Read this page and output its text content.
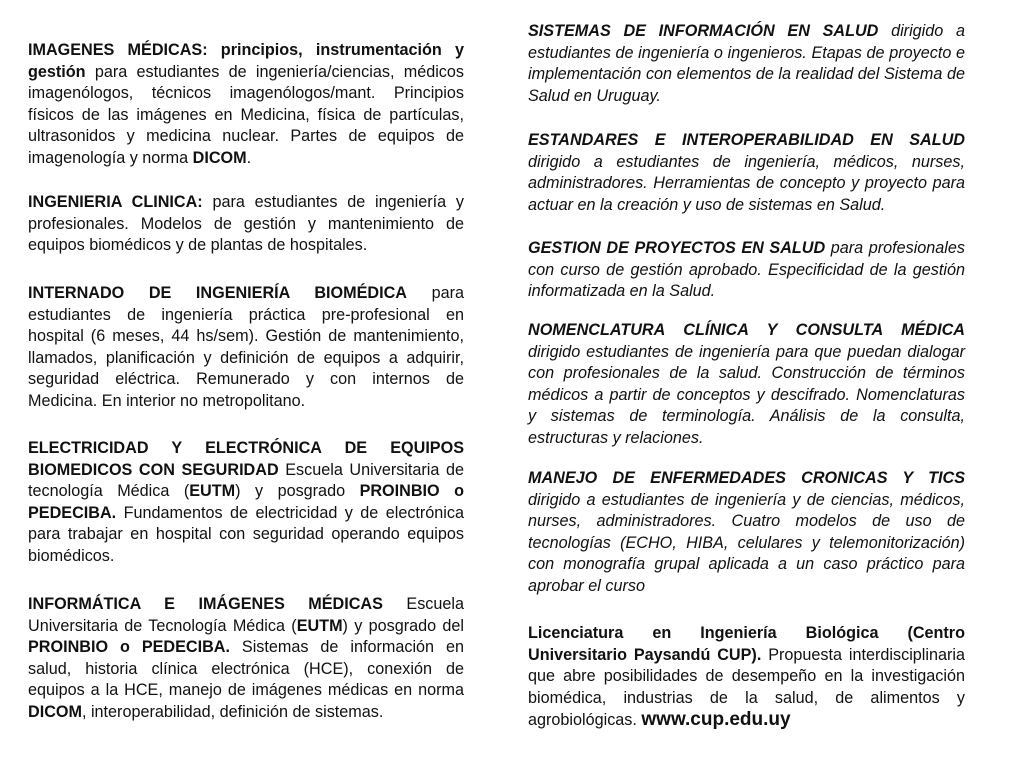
IMAGENES MÉDICAS: principios, instrumentación y gestión para estudiantes de ingeniería/ciencias, médicos imagenólogos, técnicos imagenólogos/mant. Principios físicos de las imágenes en Medicina, física de partículas, ultrasonidos y medicina nuclear. Partes de equipos de imagenología y norma DICOM.
INGENIERIA CLINICA: para estudiantes de ingeniería y profesionales. Modelos de gestión y mantenimiento de equipos biomédicos y de plantas de hospitales.
INTERNADO DE INGENIERÍA BIOMÉDICA para estudiantes de ingeniería práctica pre-profesional en hospital (6 meses, 44 hs/sem). Gestión de mantenimiento, llamados, planificación y definición de equipos a adquirir, seguridad eléctrica. Remunerado y con internos de Medicina. En interior no metropolitano.
ELECTRICIDAD Y ELECTRÓNICA DE EQUIPOS BIOMEDICOS CON SEGURIDAD Escuela Universitaria de tecnología Médica (EUTM) y posgrado PROINBIO o PEDECIBA. Fundamentos de electricidad y de electrónica para trabajar en hospital con seguridad operando equipos biomédicos.
INFORMÁTICA E IMÁGENES MÉDICAS Escuela Universitaria de Tecnología Médica (EUTM) y posgrado del PROINBIO o PEDECIBA. Sistemas de información en salud, historia clínica electrónica (HCE), conexión de equipos a la HCE, manejo de imágenes médicas en norma DICOM, interoperabilidad, definición de sistemas.
SISTEMAS DE INFORMACIÓN EN SALUD dirigido a estudiantes de ingeniería o ingenieros. Etapas de proyecto e implementación con elementos de la realidad del Sistema de Salud en Uruguay.
ESTANDARES E INTEROPERABILIDAD EN SALUD dirigido a estudiantes de ingeniería, médicos, nurses, administradores. Herramientas de concepto y proyecto para actuar en la creación y uso de sistemas en Salud.
GESTION DE PROYECTOS EN SALUD para profesionales con curso de gestión aprobado. Especificidad de la gestión informatizada en la Salud.
NOMENCLATURA CLÍNICA Y CONSULTA MÉDICA dirigido estudiantes de ingeniería para que puedan dialogar con profesionales de la salud. Construcción de términos médicos a partir de conceptos y descifrado. Nomenclaturas y sistemas de terminología. Análisis de la consulta, estructuras y relaciones.
MANEJO DE ENFERMEDADES CRONICAS Y TICS dirigido a estudiantes de ingeniería y de ciencias, médicos, nurses, administradores. Cuatro modelos de uso de tecnologías (ECHO, HIBA, celulares y telemonitorización) con monografía grupal aplicada a un caso práctico para aprobar el curso
Licenciatura en Ingeniería Biológica (Centro Universitario Paysandú CUP). Propuesta interdisciplinaria que abre posibilidades de desempeño en la investigación biomédica, industrias de la salud, de alimentos y agrobiológicas. www.cup.edu.uy
